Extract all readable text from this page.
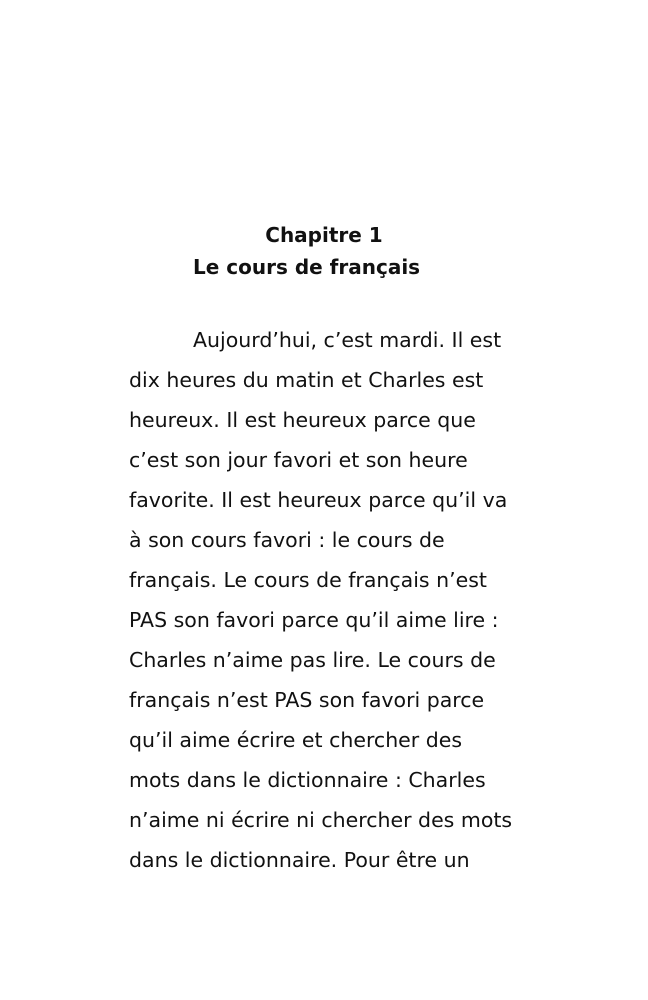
Chapitre 1
Le cours de français
Aujourd’hui, c’est mardi. Il est
dix heures du matin et Charles est
heureux. Il est heureux parce que
c’est son jour favori et son heure
favorite. Il est heureux parce qu’il va
à son cours favori : le cours de
français. Le cours de français n’est
PAS son favori parce qu’il aime lire :
Charles n’aime pas lire. Le cours de
français n’est PAS son favori parce
qu’il aime écrire et chercher des
mots dans le dictionnaire : Charles
n’aime ni écrire ni chercher des mots
dans le dictionnaire. Pour être un
